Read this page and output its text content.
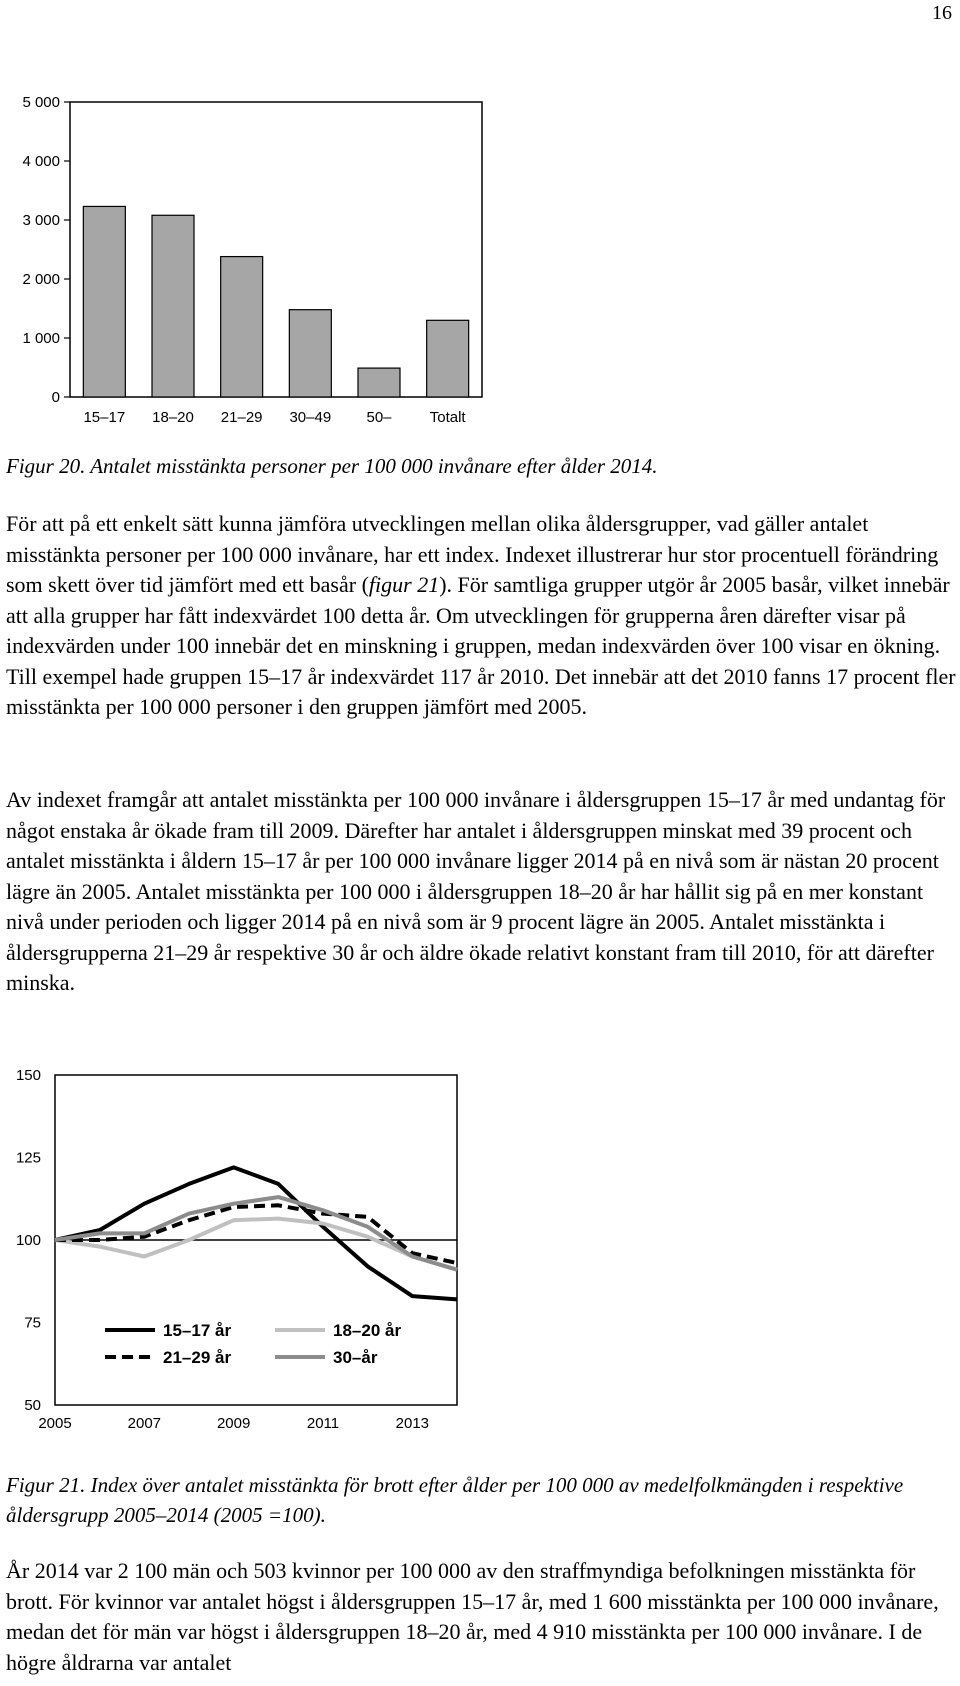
16
0
1 000
2 000
3 000
4 000
5 000
15–17 18–20 21–29 30–49 50–	Totalt

Figur 20. Antalet misstänkta personer per 100 000 invånare efter ålder 2014.

För att på ett enkelt sätt kunna jämföra utvecklingen mellan olika åldersgrupper, vad gäller antalet misstänkta personer per 100 000 invånare, har ett index. Indexet illustrerar hur stor procentuell förändring som skett över tid jämfört med ett basår (figur 21). För samtliga grupper utgör år 2005 basår, vilket innebär att alla grupper har fått indexvärdet 100 detta år. Om utvecklingen för grupperna åren därefter visar på indexvärden under 100 innebär det en minskning i gruppen, medan indexvärden över 100 visar en ökning. Till exempel hade gruppen 15–17 år indexvärdet 117 år 2010. Det innebär att det 2010 fanns 17 procent fler misstänkta per 100 000 personer i den gruppen jämfört med 2005.

Av indexet framgår att antalet misstänkta per 100 000 invånare i åldersgruppen 15–17 år med undantag för något enstaka år ökade fram till 2009. Därefter har antalet i åldersgruppen minskat med 39 procent och antalet misstänkta i åldern 15–17 år per 100 000 invånare ligger 2014 på en nivå som är nästan 20 procent lägre än 2005. Antalet misstänkta per 100 000 i åldersgruppen 18–20 år har hållit sig på en mer konstant nivå under perioden och ligger 2014 på en nivå som är 9 procent lägre än 2005. Antalet misstänkta i åldersgrupperna 21–29 år respektive 30 år och äldre ökade relativt konstant fram till 2010, för att därefter minska.

50
75
100
125
150
2005	2007	2009	2011	2013
15–17 år	18–20 år
21–29 år	30–år

Figur 21. Index över antalet misstänkta för brott efter ålder per 100 000 av medelfolkmängden i respektive åldersgrupp 2005–2014 (2005 =100).

År 2014 var 2 100 män och 503 kvinnor per 100 000 av den straffmyndiga befolkningen misstänkta för brott. För kvinnor var antalet högst i åldersgruppen 15–17 år, med 1 600 misstänkta per 100 000 invånare, medan det för män var högst i åldersgruppen 18–20 år, med 4 910 misstänkta per 100 000 invånare. I de högre åldrarna var antalet
